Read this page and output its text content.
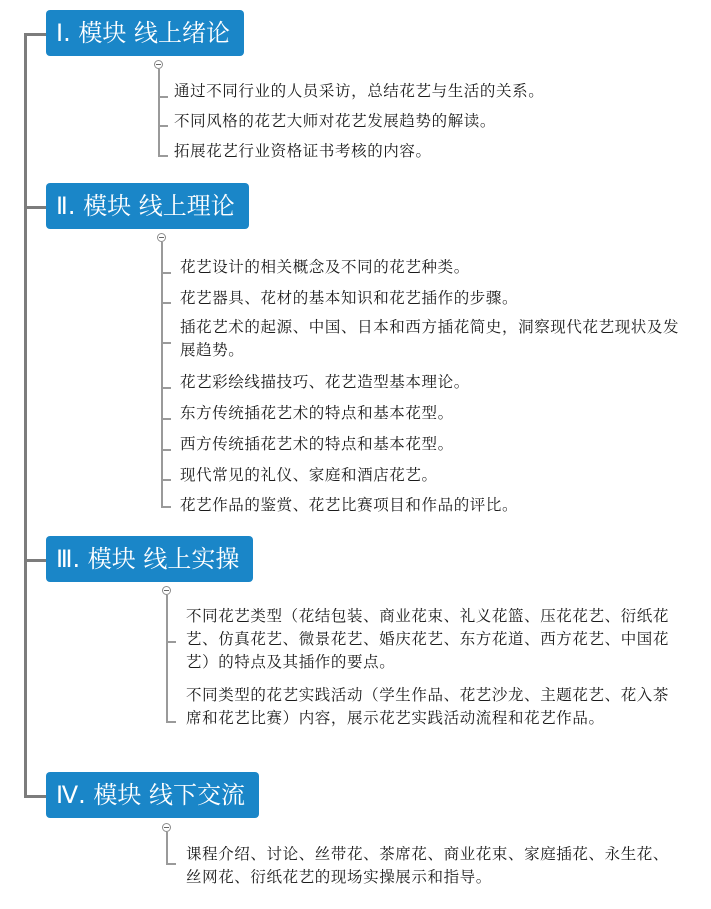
Ⅰ. 模块 线上绪论
通过不同行业的人员采访，总结花艺与生活的关系。
不同风格的花艺大师对花艺发展趋势的解读。
拓展花艺行业资格证书考核的内容。
Ⅱ. 模块 线上理论
花艺设计的相关概念及不同的花艺种类。
花艺器具、花材的基本知识和花艺插作的步骤。
插花艺术的起源、中国、日本和西方插花简史，洞察现代花艺现状及发展趋势。
花艺彩绘线描技巧、花艺造型基本理论。
东方传统插花艺术的特点和基本花型。
西方传统插花艺术的特点和基本花型。
现代常见的礼仪、家庭和酒店花艺。
花艺作品的鉴赏、花艺比赛项目和作品的评比。
Ⅲ. 模块 线上实操
不同花艺类型（花结包装、商业花束、礼义花篮、压花花艺、衍纸花艺、仿真花艺、微景花艺、婚庆花艺、东方花道、西方花艺、中国花艺）的特点及其插作的要点。
不同类型的花艺实践活动（学生作品、花艺沙龙、主题花艺、花入茶席和花艺比赛）内容，展示花艺实践活动流程和花艺作品。
Ⅳ. 模块 线下交流
课程介绍、讨论、丝带花、茶席花、商业花束、家庭插花、永生花、丝网花、衍纸花艺的现场实操展示和指导。
